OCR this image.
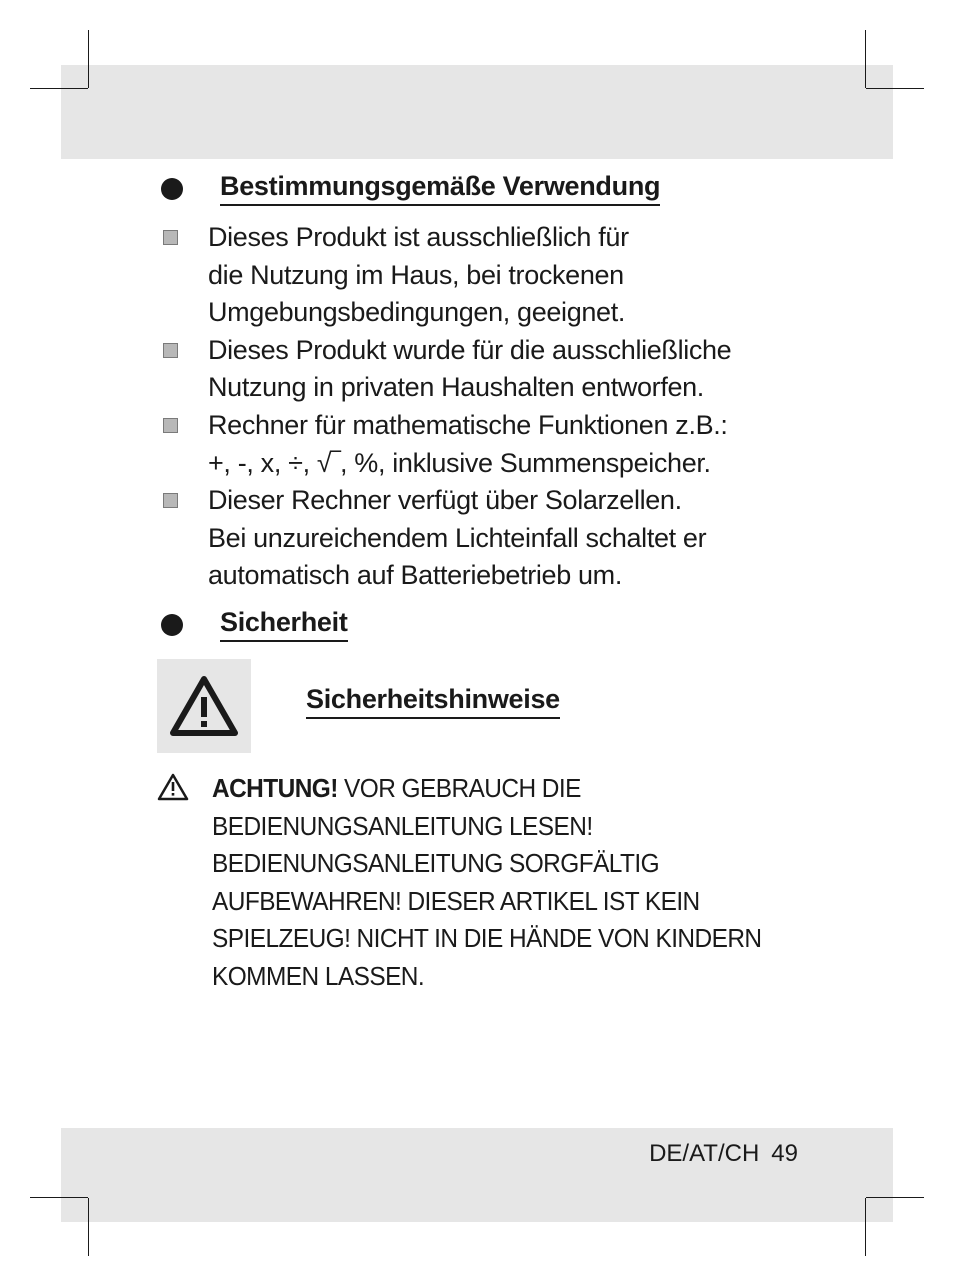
Bestimmungsgemäße Verwendung
Dieses Produkt ist ausschließlich für
die Nutzung im Haus, bei trockenen
Umgebungsbedingungen, geeignet.
Dieses Produkt wurde für die ausschließliche
Nutzung in privaten Haushalten entworfen.
Rechner für mathematische Funktionen z.B.:
+, -, x, ÷, √‾, %, inklusive Summenspeicher.
Dieser Rechner verfügt über Solarzellen.
Bei unzureichendem Lichteinfall schaltet er
automatisch auf Batteriebetrieb um.
Sicherheit
Sicherheitshinweise
ACHTUNG! VOR GEBRAUCH DIE
BEDIENUNGSANLEITUNG LESEN!
BEDIENUNGSANLEITUNG SORGFÄLTIG
AUFBEWAHREN! DIESER ARTIKEL IST KEIN
SPIELZEUG! NICHT IN DIE HÄNDE VON KINDERN
KOMMEN LASSEN.
DE/AT/CH 49
